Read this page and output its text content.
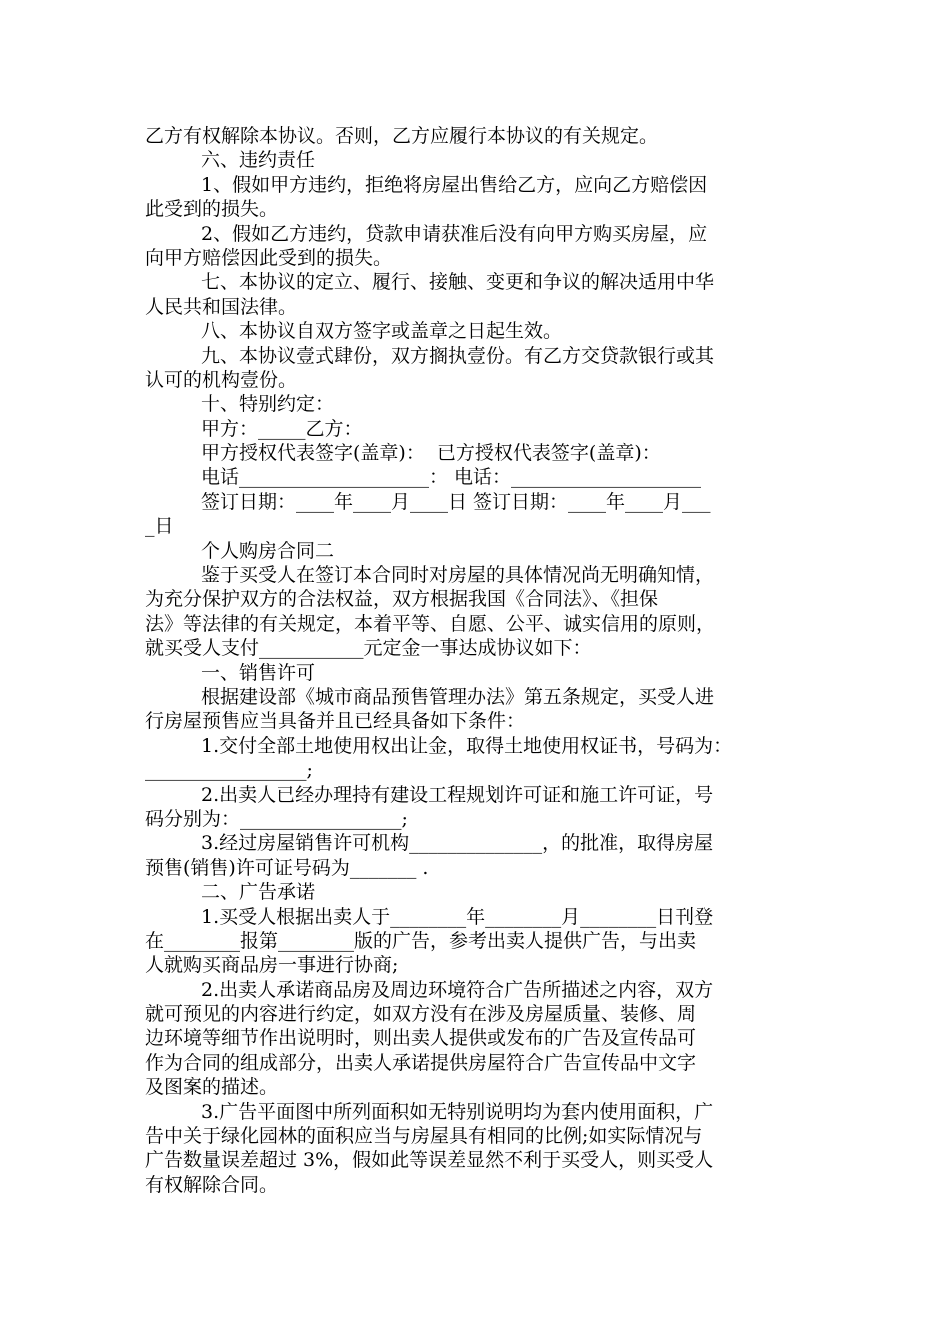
乙方有权解除本协议。否则，乙方应履行本协议的有关规定。
六、违约责任
1、假如甲方违约，拒绝将房屋出售给乙方，应向乙方赔偿因
此受到的损失。
2、假如乙方违约，贷款申请获准后没有向甲方购买房屋，应
向甲方赔偿因此受到的损失。
七、本协议的定立、履行、接触、变更和争议的解决适用中华
人民共和国法律。
八、本协议自双方签字或盖章之日起生效。
九、本协议壹式肆份，双方搁执壹份。有乙方交贷款银行或其
认可的机构壹份。
十、特别约定：
甲方：_____乙方：
甲方授权代表签字(盖章)：  已方授权代表签字(盖章)：
电话____________________： 电话：____________________
签订日期：____年____月____日 签订日期：____年____月___
_日
个人购房合同二
鉴于买受人在签订本合同时对房屋的具体情况尚无明确知情，
为充分保护双方的合法权益，双方根据我国《合同法》、《担保
法》等法律的有关规定，本着平等、自愿、公平、诚实信用的原则，
就买受人支付___________元定金一事达成协议如下：
一、销售许可
根据建设部《城市商品预售管理办法》第五条规定，买受人进
行房屋预售应当具备并且已经具备如下条件：
1.交付全部土地使用权出让金，取得土地使用权证书，号码为：
_________________;
2.出卖人已经办理持有建设工程规划许可证和施工许可证，号
码分别为：_________________;
3.经过房屋销售许可机构______________，的批准，取得房屋
预售(销售)许可证号码为_______ .
二、广告承诺
1.买受人根据出卖人于________年________月________日刊登
在________报第________版的广告，参考出卖人提供广告，与出卖
人就购买商品房一事进行协商;
2.出卖人承诺商品房及周边环境符合广告所描述之内容，双方
就可预见的内容进行约定，如双方没有在涉及房屋质量、装修、周
边环境等细节作出说明时，则出卖人提供或发布的广告及宣传品可
作为合同的组成部分，出卖人承诺提供房屋符合广告宣传品中文字
及图案的描述。
3.广告平面图中所列面积如无特别说明均为套内使用面积，广
告中关于绿化园林的面积应当与房屋具有相同的比例;如实际情况与
广告数量误差超过 3%，假如此等误差显然不利于买受人，则买受人
有权解除合同。
